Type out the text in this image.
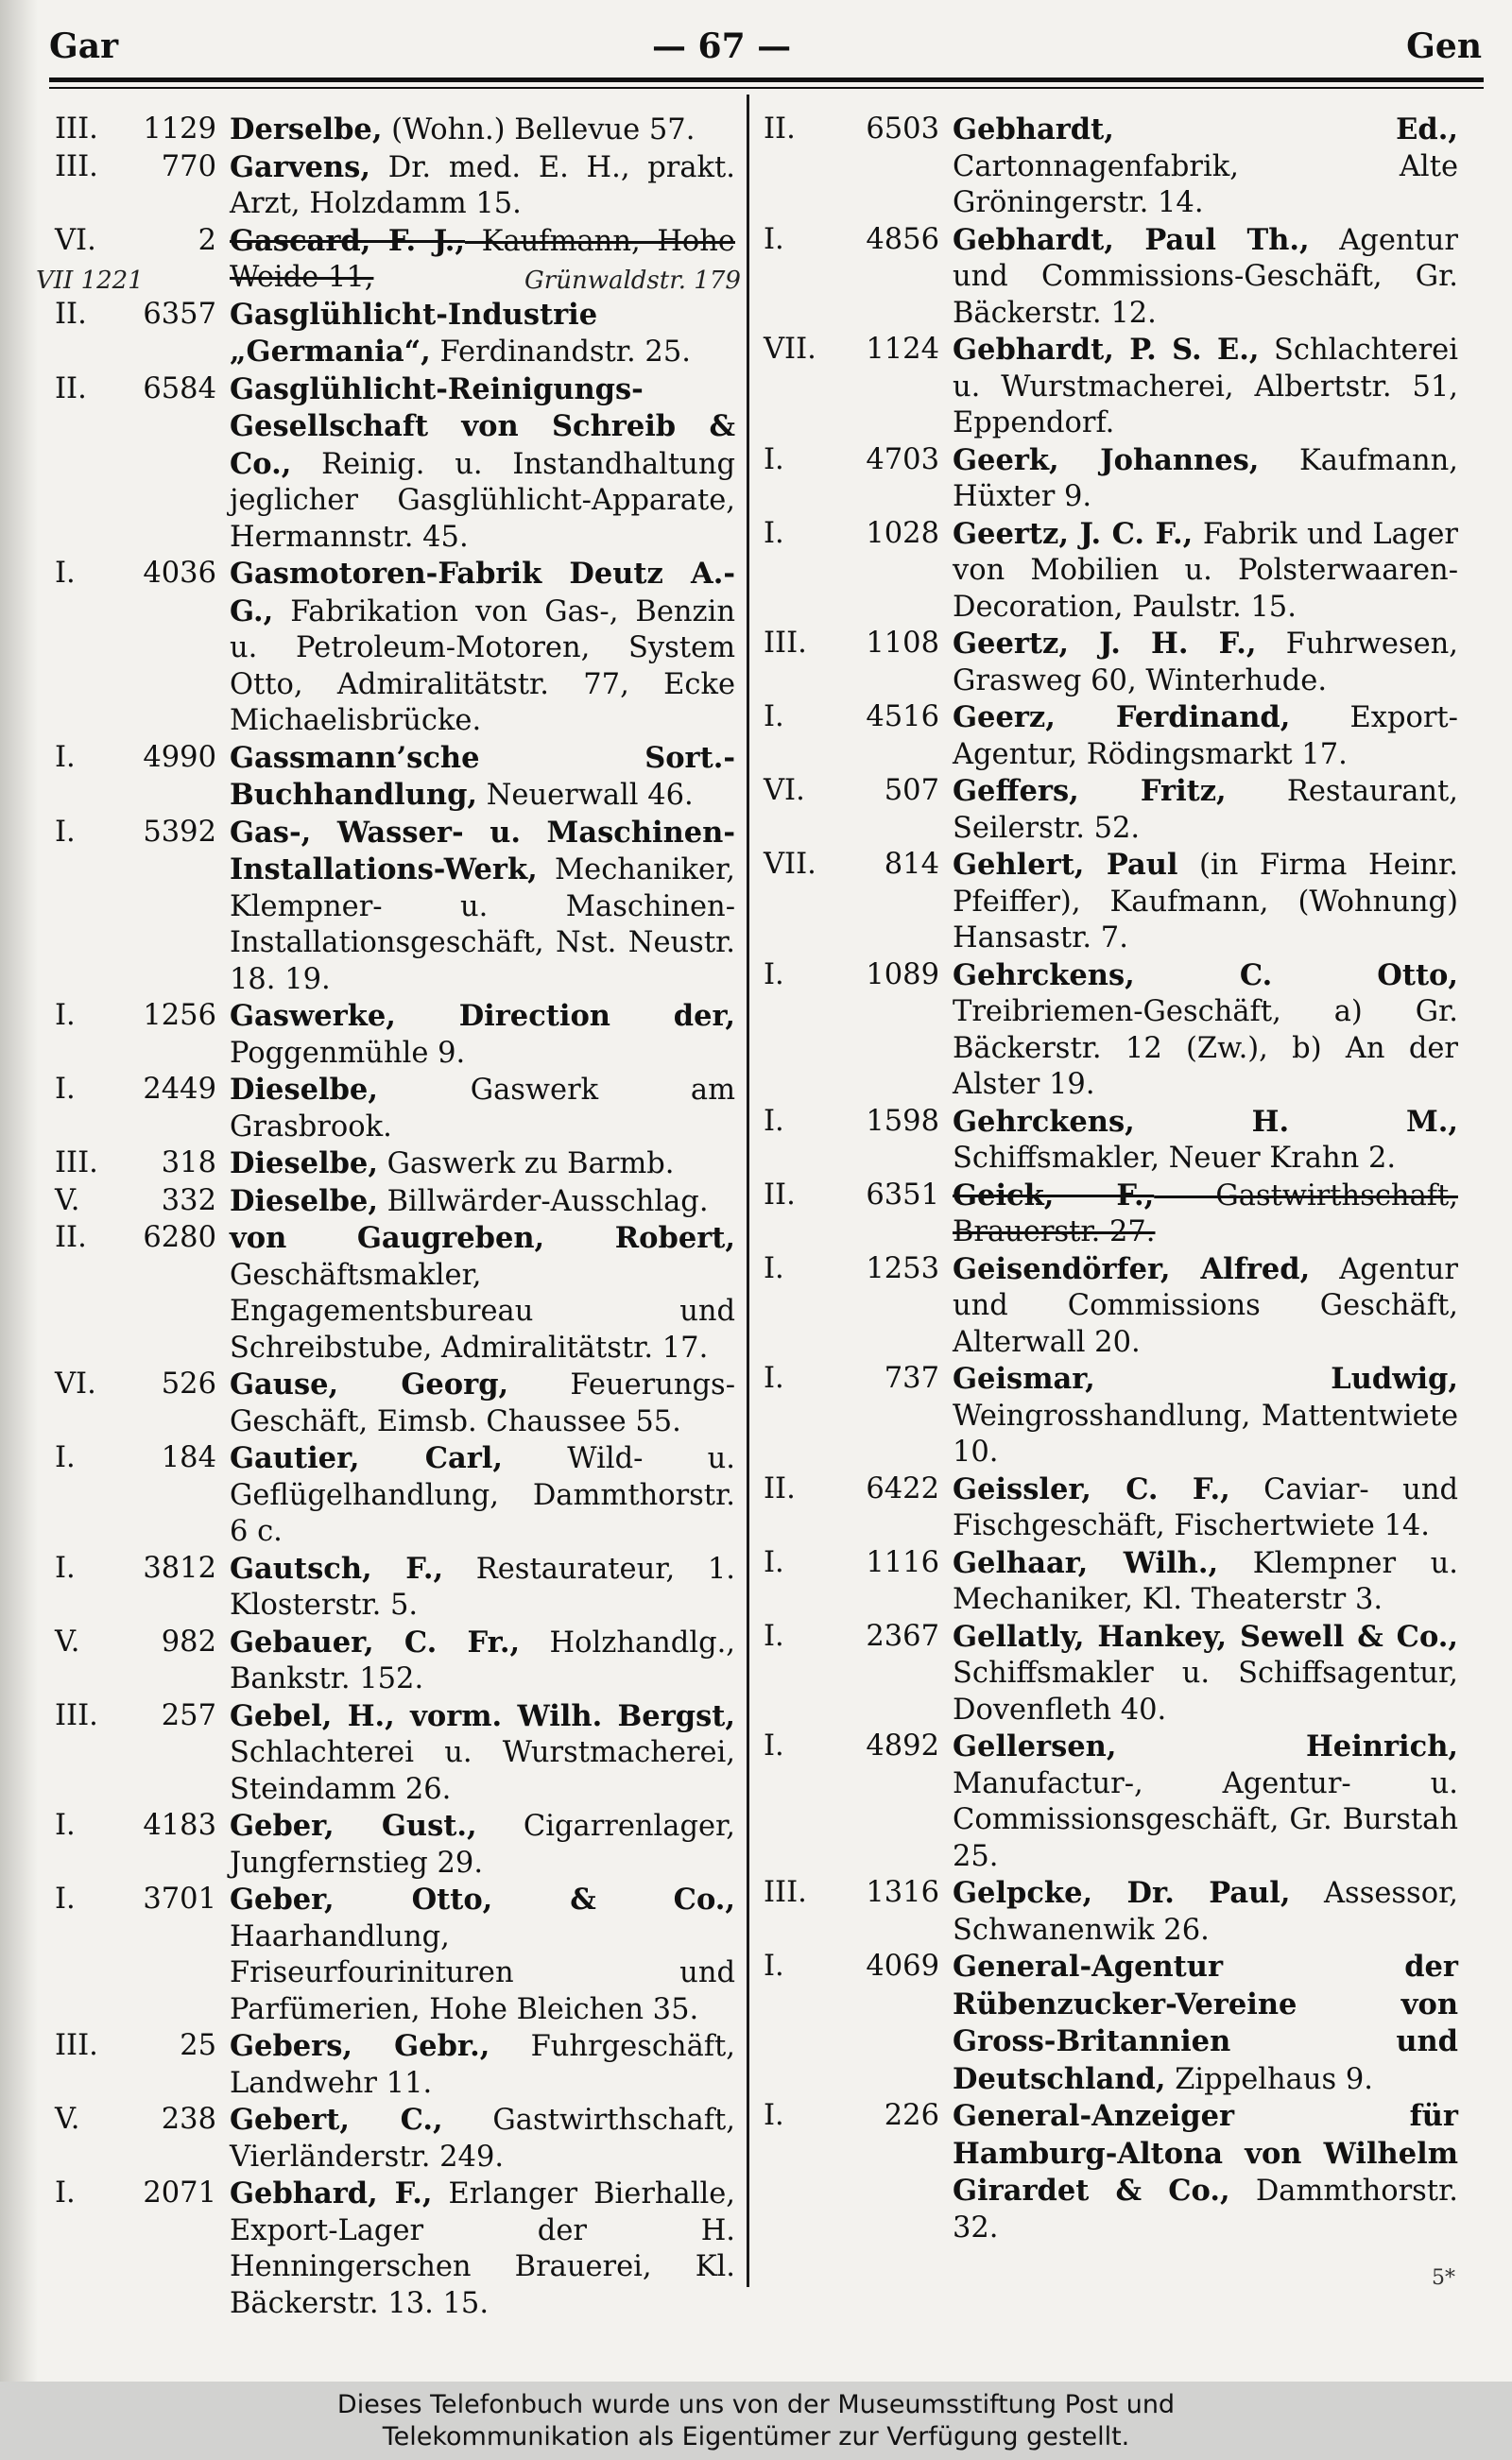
Gar	— 67 —	Gen
III. 1129 Derselbe, (Wohn.) Bellevue 57.
III. 770 Garvens, Dr. med. E. H., prakt. Arzt, Holzdamm 15.
VI.	2 Gascard, F. J., Kaufmann, Hohe Weide 11,
II. 6357 Gasglühlicht-Industrie „Germania“, Ferdinandstr. 25.
II. 6584 Gasglühlicht-Reinigungs-Gesellschaft von Schreib & Co., Reinig. u. Instandhaltung jeglicher Gasglühlicht-Apparate, Hermannstr. 45.
I. 4036 Gasmotoren-Fabrik Deutz A.-G., Fabrikation von Gas-, Benzin u. Petroleum-Motoren, System Otto, Admiralitätstr. 77, Ecke Michaelisbrücke.
I. 4990 Gassmann’sche Sort.-Buchhandlung, Neuerwall 46.
I. 5392 Gas-, Wasser- u. Maschinen-Installations-Werk, Mechaniker, Klempner- u. Maschinen-Installationsgeschäft, Nst. Neustr. 18. 19.
I. 1256 Gaswerke, Direction der, Poggenmühle 9.
I. 2449 Dieselbe, Gaswerk am Grasbrook.
III. 318 Dieselbe, Gaswerk zu Barmb.
V.	332 Dieselbe, Billwärder-Ausschlag.
II. 6280 von Gaugreben, Robert, Geschäftsmakler, Engagementsbureau und Schreibstube, Admiralitätstr. 17.
VI. 526 Gause, Georg, Feuerungs-Geschäft, Eimsb. Chaussee 55.
I.	184 Gautier, Carl, Wild- u. Geflügelhandlung, Dammthorstr. 6 c.
I. 3812 Gautsch, F., Restaurateur, 1. Klosterstr. 5.
V.	982 Gebauer, C. Fr., Holzhandlg., Bankstr. 152.
III. 257 Gebel, H., vorm. Wilh. Bergst, Schlachterei u. Wurstmacherei, Steindamm 26.
I. 4183 Geber, Gust., Cigarrenlager, Jungfernstieg 29.
I. 3701 Geber, Otto, & Co., Haarhandlung, Friseurfourinituren und Parfümerien, Hohe Bleichen 35.
III.	25 Gebers, Gebr., Fuhrgeschäft, Landwehr 11.
V.	238 Gebert, C., Gastwirthschaft, Vierländerstr. 249.
I. 2071 Gebhard, F., Erlanger Bierhalle, Export-Lager der H. Henningerschen Brauerei, Kl. Bäckerstr. 13. 15.
II. 6503 Gebhardt, Ed., Cartonnagenfabrik, Alte Gröningerstr. 14.
I.	4856 Gebhardt, Paul Th., Agentur und Commissions-Geschäft, Gr. Bäckerstr. 12.
VII. 1124 Gebhardt, P. S. E., Schlachterei u. Wurstmacherei, Albertstr. 51, Eppendorf.
I.	4703 Geerk, Johannes, Kaufmann, Hüxter 9.
I.	1028 Geertz, J. C. F., Fabrik und Lager von Mobilien u. Polsterwaaren-Decoration, Paulstr. 15.
III. 1108 Geertz, J. H. F., Fuhrwesen, Grasweg 60, Winterhude.
I.	4516 Geerz, Ferdinand, Export-Agentur, Rödingsmarkt 17.
VI.	507 Geffers, Fritz, Restaurant, Seilerstr. 52.
VII. 814 Gehlert, Paul (in Firma Heinr. Pfeiffer), Kaufmann, (Wohnung) Hansastr. 7.
I.	1089 Gehrckens, C. Otto, Treibriemen-Geschäft, a) Gr. Bäckerstr. 12 (Zw.), b) An der Alster 19.
I.	1598 Gehrckens, H. M., Schiffsmakler, Neuer Krahn 2.
II. 6351 Geick, F., Gastwirthschaft, Brauerstr. 27.
I.	1253 Geisendörfer, Alfred, Agentur und Commissions Geschäft, Alterwall 20.
I.	737 Geismar, Ludwig, Weingrosshandlung, Mattentwiete 10.
II. 6422 Geissler, C. F., Caviar- und Fischgeschäft, Fischertwiete 14.
I.	1116 Gelhaar, Wilh., Klempner u. Mechaniker, Kl. Theaterstr 3.
I.	2367 Gellatly, Hankey, Sewell & Co., Schiffsmakler u. Schiffsagentur, Dovenfleth 40.
I.	4892 Gellersen, Heinrich, Manufactur-, Agentur- u. Commissionsgeschäft, Gr. Burstah 25.
III. 1316 Gelpcke, Dr. Paul, Assessor, Schwanenwik 26.
I.	4069 General-Agentur der Rübenzucker-Vereine von Gross-Britannien und Deutschland, Zippelhaus 9.
I.	226 General-Anzeiger für Hamburg-Altona von Wilhelm Girardet & Co., Dammthorstr. 32.
VII 1221	Grünwaldstr. 179
5*
Dieses Telefonbuch wurde uns von der Museumsstiftung Post und
Telekommunikation als Eigentümer zur Verfügung gestellt.
